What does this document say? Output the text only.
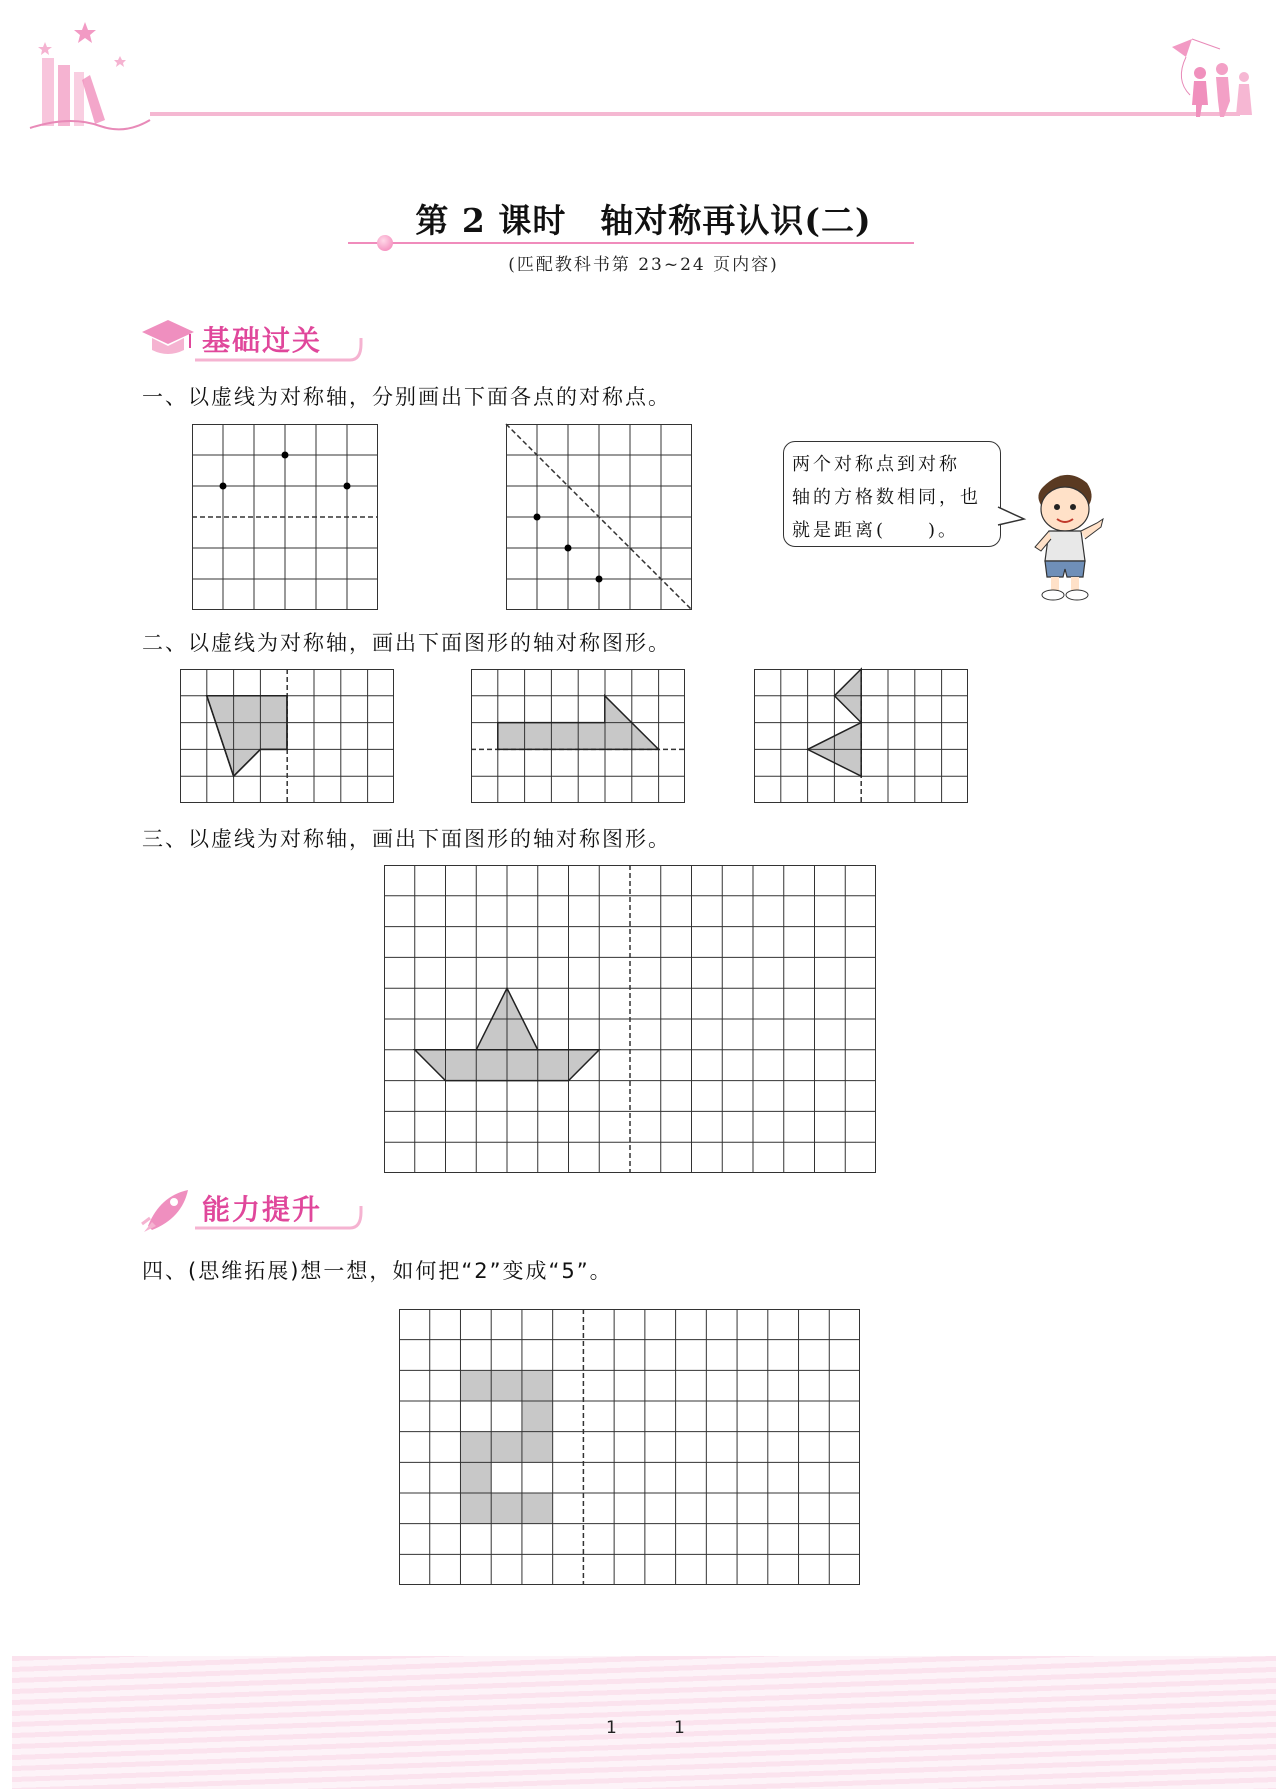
第 2 课时　轴对称再认识(二)
(匹配教科书第 23~24 页内容)
基础过关
一、以虚线为对称轴，分别画出下面各点的对称点。
两个对称点到对称
轴的方格数相同，也
就是距离(　　)。
二、以虚线为对称轴，画出下面图形的轴对称图形。
三、以虚线为对称轴，画出下面图形的轴对称图形。
能力提升
四、(思维拓展)想一想，如何把“2”变成“5”。
1	1
